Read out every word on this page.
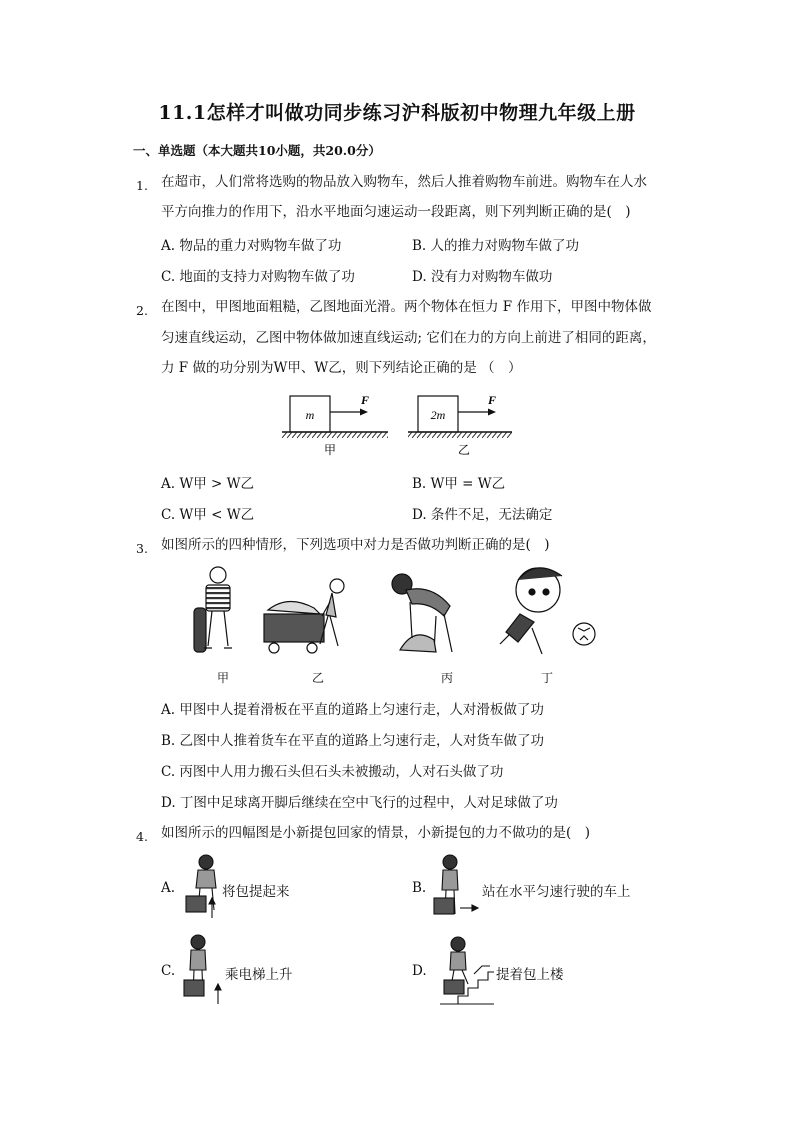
11.1怎样才叫做功同步练习沪科版初中物理九年级上册
一、单选题（本大题共10小题，共20.0分）
1. 在超市，人们常将选购的物品放入购物车，然后人推着购物车前进。购物车在人水
平方向推力的作用下，沿水平地面匀速运动一段距离，则下列判断正确的是(　)
A. 物品的重力对购物车做了功	B. 人的推力对购物车做了功
C. 地面的支持力对购物车做了功	D. 没有力对购物车做功
2. 在图中，甲图地面粗糙，乙图地面光滑。两个物体在恒力 F 作用下，甲图中物体做
匀速直线运动，乙图中物体做加速直线运动; 它们在力的方向上前进了相同的距离，
力 F 做的功分别为W甲、W乙，则下列结论正确的是 （　）
m
F
甲
2m
F
乙
A. W甲 > W乙	B. W甲 = W乙
C. W甲 < W乙	D. 条件不足，无法确定
3. 如图所示的四种情形，下列选项中对力是否做功判断正确的是(　)
甲	乙	丙	丁
A. 甲图中人提着滑板在平直的道路上匀速行走，人对滑板做了功
B. 乙图中人推着货车在平直的道路上匀速行走，人对货车做了功
C. 丙图中人用力搬石头但石头未被搬动，人对石头做了功
D. 丁图中足球离开脚后继续在空中飞行的过程中，人对足球做了功
4. 如图所示的四幅图是小新提包回家的情景，小新提包的力不做功的是(　)
A.	将包提起来	B.	站在水平匀速行驶的车上
C.	乘电梯上升	D.	提着包上楼
